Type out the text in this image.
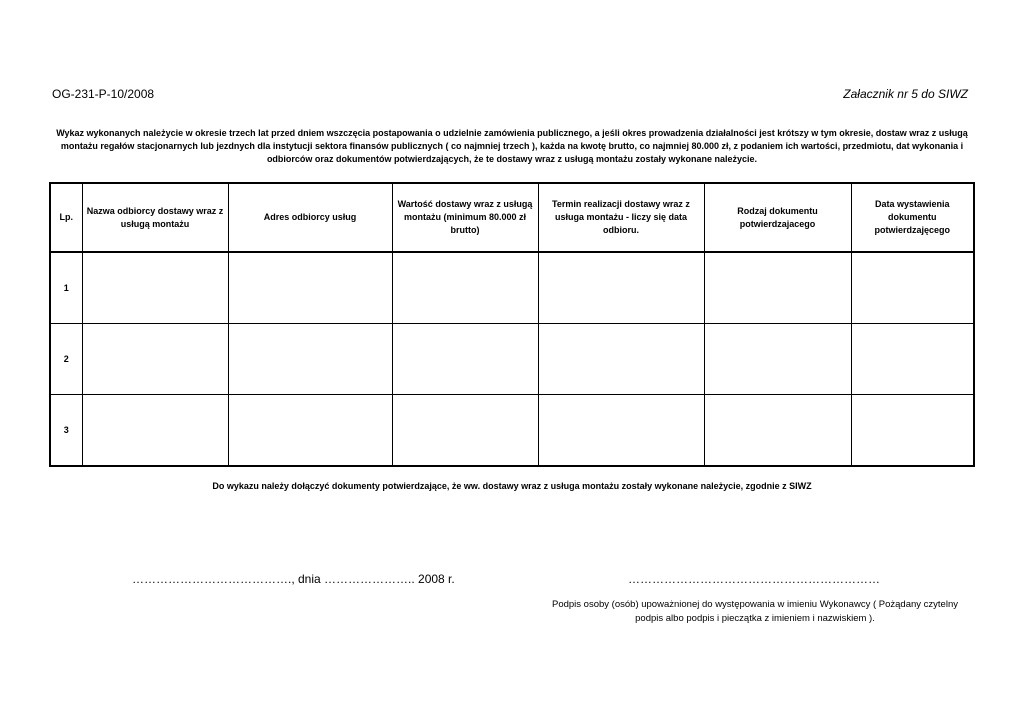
OG-231-P-10/2008	Załacznik nr 5 do SIWZ
Wykaz wykonanych należycie w okresie trzech lat przed dniem wszczęcia postapowania o udzielnie zamówienia publicznego, a jeśli okres prowadzenia działalności jest krótszy w tym okresie, dostaw wraz z usługą montażu regałów stacjonarnych lub jezdnych dla instytucji sektora finansów publicznych ( co najmniej trzech ), każda na kwotę brutto, co najmniej 80.000 zł, z podaniem ich wartości, przedmiotu, dat wykonania i odbiorców oraz dokumentów potwierdzających, że te dostawy wraz z usługą montażu zostały wykonane należycie.
Lp.	Nazwa odbiorcy dostawy wraz z usługą montażu	Adres odbiorcy usług	Wartość dostawy wraz z usługą montażu (minimum 80.000 zł brutto)	Termin realizacji dostawy wraz z usługa montażu - liczy się data odbioru.	Rodzaj dokumentu potwierdzajacego	Data wystawienia dokumentu potwierdzajęcego
1						
2						
3						
Do wykazu należy dołączyć dokumenty potwierdzające, że ww. dostawy wraz z usługa montażu zostały wykonane należycie, zgodnie z SIWZ
…………………………………., dnia ………………….. 2008 r.	………………………………………………………
Podpis osoby (osób) upoważnionej do występowania w imieniu Wykonawcy ( Pożądany czytelny podpis albo podpis i pieczątka z imieniem i nazwiskiem ).
